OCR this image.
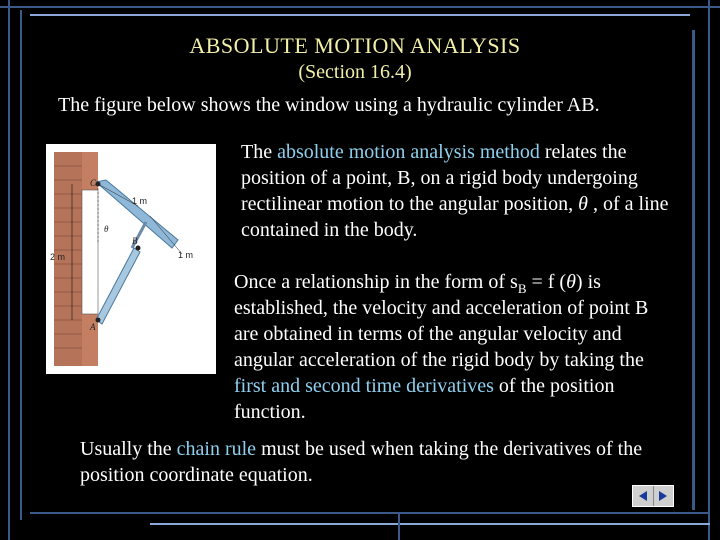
ABSOLUTE MOTION ANALYSIS
(Section 16.4)
The figure below shows the window using a hydraulic cylinder AB.
1 m
1 m
2 m
θ
B
C
A
The absolute motion analysis method relates the position of a point, B, on a rigid body undergoing rectilinear motion to the angular position, θ , of a line contained in the body.
Once a relationship in the form of $s_B = f$ (θ) is established, the velocity and acceleration of point B are obtained in terms of the angular velocity and angular acceleration of the rigid body by taking the first and second time derivatives of the position function.
Usually the chain rule must be used when taking the derivatives of the position coordinate equation.
